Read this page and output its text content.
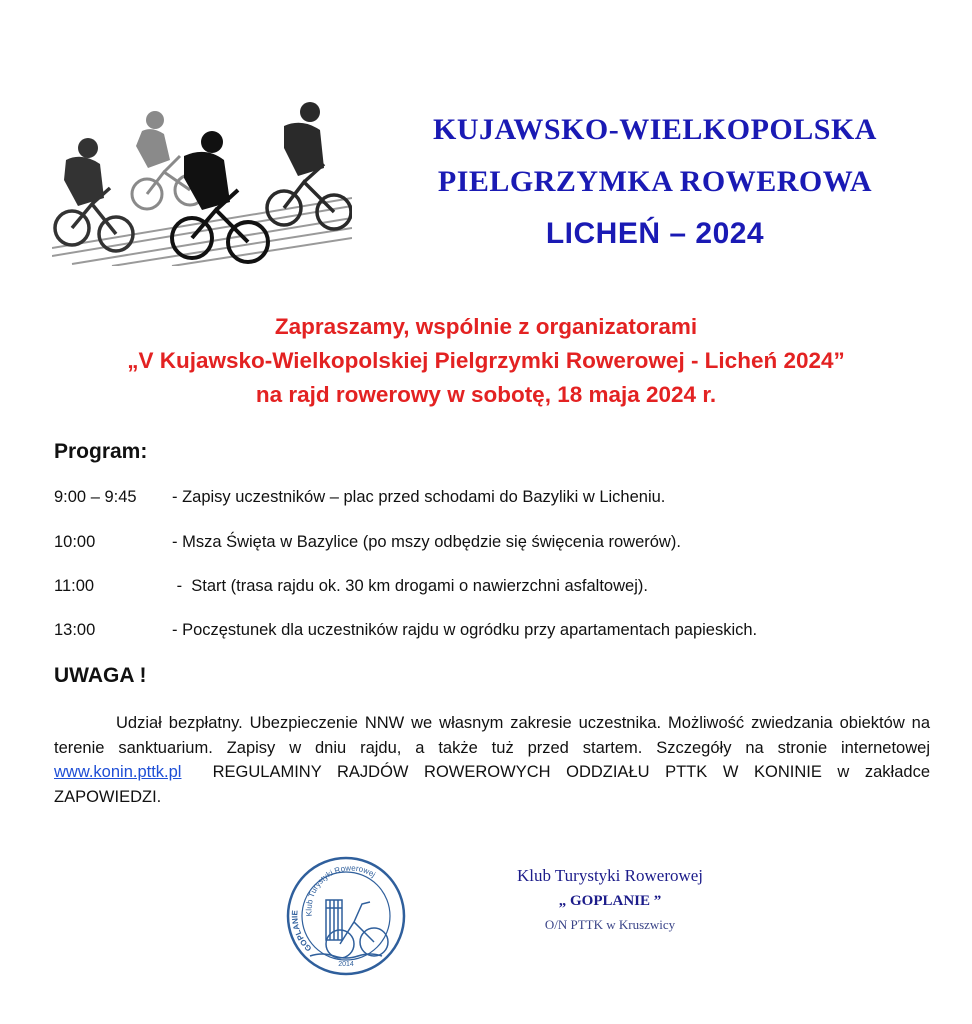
KUJAWSKO-WIELKOPOLSKA
PIELGRZYMKA ROWEROWA
LICHEŃ – 2024
Zapraszamy, wspólnie z organizatorami
„V Kujawsko-Wielkopolskiej Pielgrzymki Rowerowej - Licheń 2024”
na rajd rowerowy w sobotę, 18 maja 2024 r.
Program:
9:00 – 9:45 - Zapisy uczestników – plac przed schodami do Bazyliki w Licheniu.
10:00	- Msza Święta w Bazylice (po mszy odbędzie się święcenia rowerów).
11:00	-  Start (trasa rajdu ok. 30 km drogami o nawierzchni asfaltowej).
13:00	- Poczęstunek dla uczestników rajdu w ogródku przy apartamentach papieskich.
UWAGA !
Udział bezpłatny. Ubezpieczenie NNW we własnym zakresie uczestnika. Możliwość zwiedzania obiektów na terenie sanktuarium. Zapisy w dniu rajdu, a także tuż przed startem. Szczegóły na stronie internetowej www.konin.pttk.pl  REGULAMINY RAJDÓW ROWEROWYCH ODDZIAŁU PTTK W KONINIE w zakładce ZAPOWIEDZI.
Klub Turystyki Rowerowej
GOPLANIE
2014
Klub Turystyki Rowerowej
„ GOPLANIE ”
O/N PTTK w Kruszwicy
